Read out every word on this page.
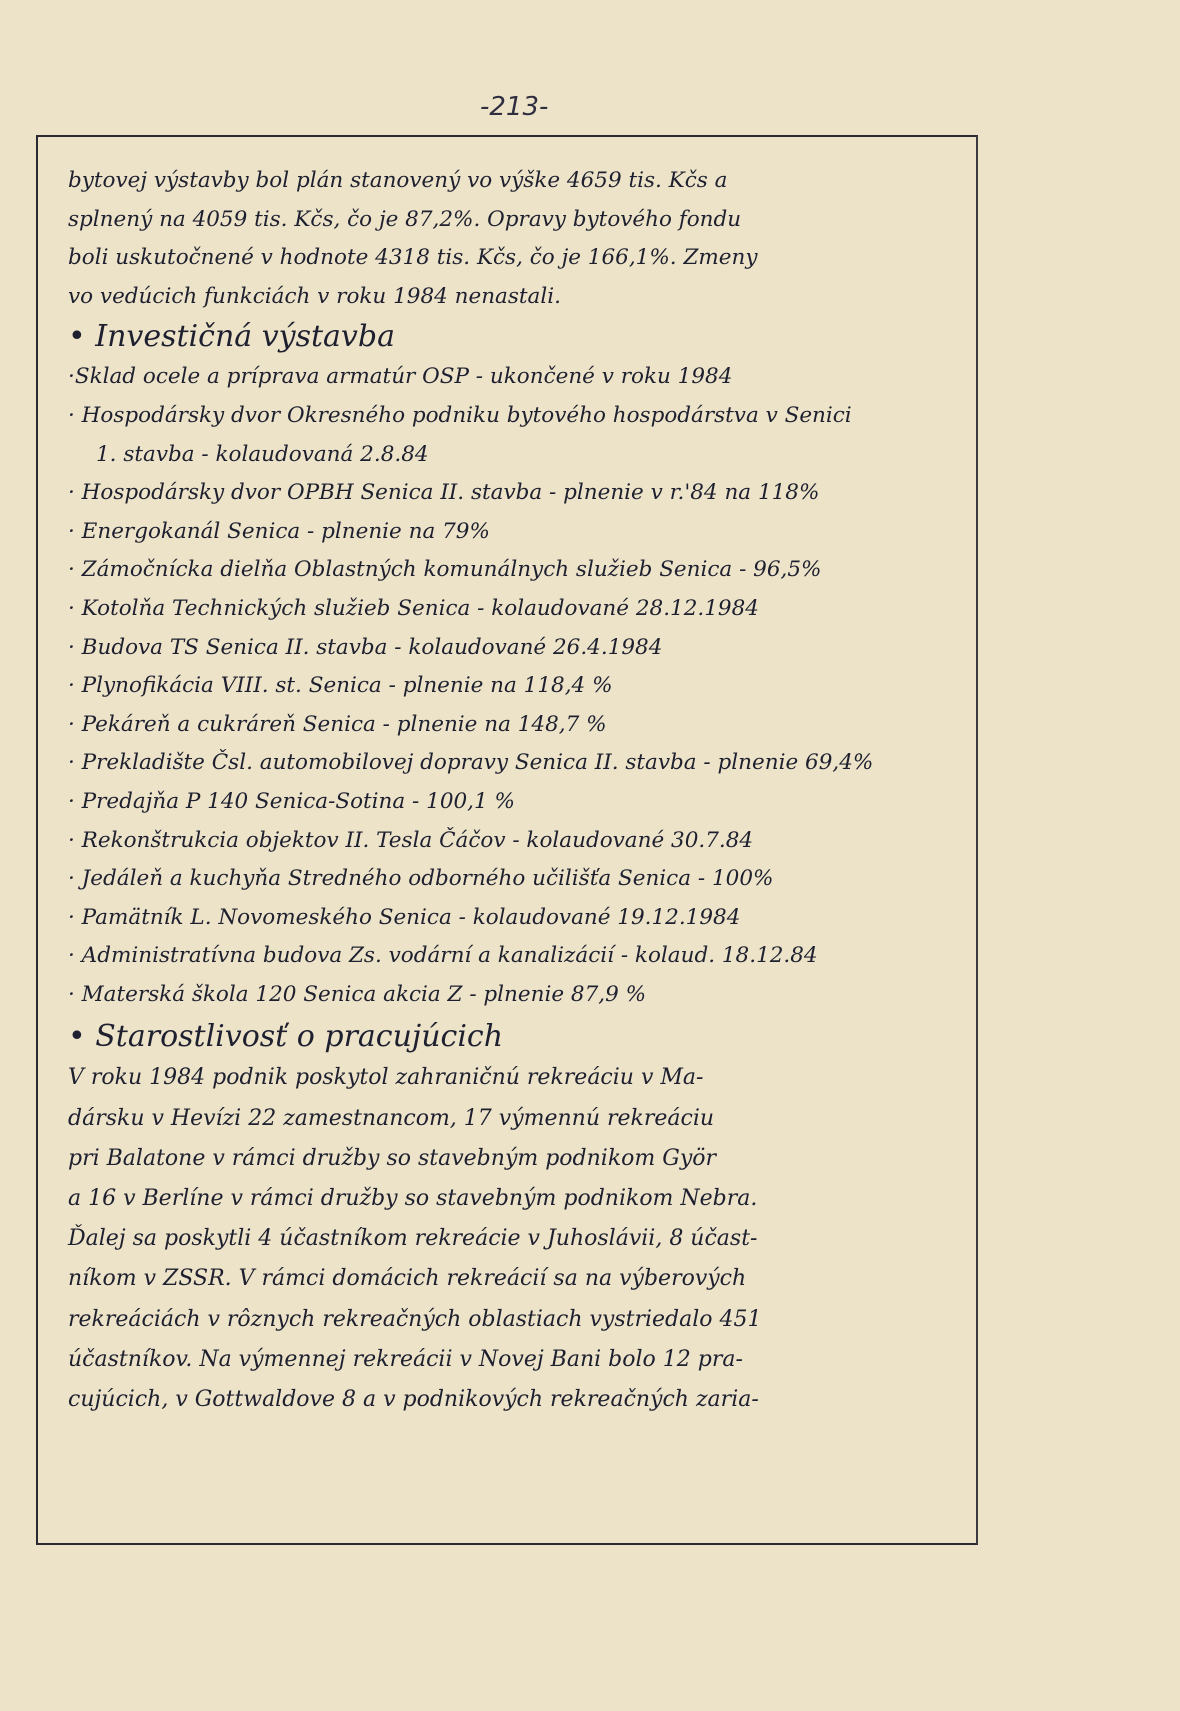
-213-
bytovej výstavby bol plán stanovený vo výške 4659 tis. Kčs a
splnený na 4059 tis. Kčs, čo je 87,2%. Opravy bytového fondu
boli uskutočnené v hodnote 4318 tis. Kčs, čo je 166,1%. Zmeny
vo vedúcich funkciách v roku 1984 nenastali.
• Investičná výstavba
·Sklad ocele a príprava armatúr OSP - ukončené v roku 1984
· Hospodársky dvor Okresného podniku bytového hospodárstva v Senici
1. stavba - kolaudovaná 2.8.84
· Hospodársky dvor OPBH Senica II. stavba - plnenie v r.'84 na 118%
· Energokanál Senica - plnenie na 79%
· Zámočnícka dielňa Oblastných komunálnych služieb Senica - 96,5%
· Kotolňa Technických služieb Senica - kolaudované 28.12.1984
· Budova TS Senica II. stavba - kolaudované 26.4.1984
· Plynofikácia VIII. st. Senica - plnenie na 118,4 %
· Pekáreň a cukráreň Senica - plnenie na 148,7 %
· Prekladište Čsl. automobilovej dopravy Senica II. stavba - plnenie 69,4%
· Predajňa P 140 Senica-Sotina - 100,1 %
· Rekonštrukcia objektov II. Tesla Čáčov - kolaudované 30.7.84
· Jedáleň a kuchyňa Stredného odborného učilišťa Senica - 100%
· Pamätník L. Novomeského Senica - kolaudované 19.12.1984
· Administratívna budova Zs. vodární a kanalizácií - kolaud. 18.12.84
· Materská škola 120 Senica akcia Z - plnenie 87,9 %
• Starostlivosť o pracujúcich
V roku 1984 podnik poskytol zahraničnú rekreáciu v Ma-
dársku v Hevízi 22 zamestnancom, 17 výmennú rekreáciu
pri Balatone v rámci družby so stavebným podnikom Györ
a 16 v Berlíne v rámci družby so stavebným podnikom Nebra.
Ďalej sa poskytli 4 účastníkom rekreácie v Juhoslávii, 8 účast-
níkom v ZSSR. V rámci domácich rekreácií sa na výberových
rekreáciách v rôznych rekreačných oblastiach vystriedalo 451
účastníkov. Na výmennej rekreácii v Novej Bani bolo 12 pra-
cujúcich, v Gottwaldove 8 a v podnikových rekreačných zaria-
